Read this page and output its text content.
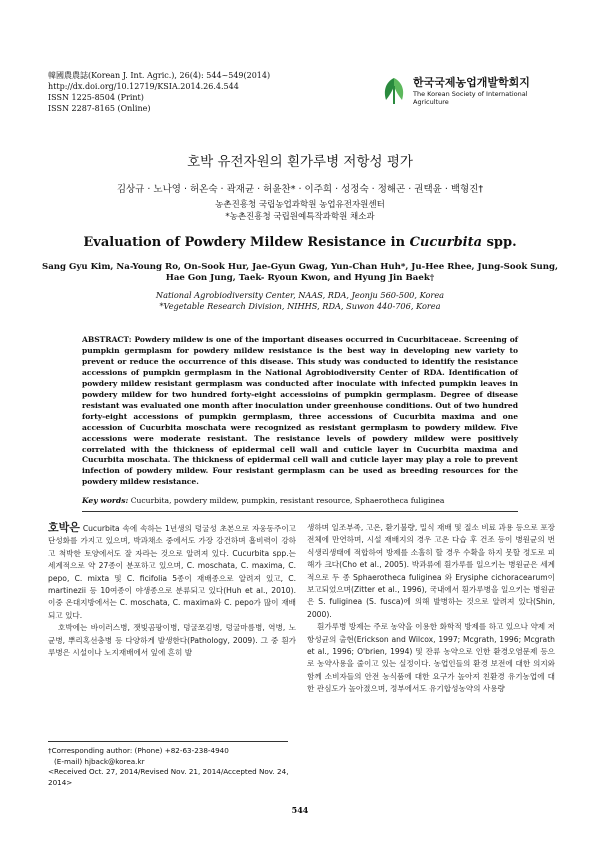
韓國農農誌(Korean J. Int. Agric.), 26(4): 544~549(2014)
http://dx.doi.org/10.12719/KSIA.2014.26.4.544
ISSN 1225-8504 (Print)
ISSN 2287-8165 (Online)
한국국제농업개발학회지
The Korean Society of International
Agriculture
호박 유전자원의 흰가루병 저항성 평가
김상규 · 노나영 · 허온숙 · 곽재균 · 허윤찬* · 이주희 · 성정숙 · 정해곤 · 권택윤 · 백형진†
농촌진흥청 국립농업과학원 농업유전자원센터
*농촌진흥청 국립원예특작과학원 채소과
Evaluation of Powdery Mildew Resistance in Cucurbita spp.
Sang Gyu Kim, Na-Young Ro, On-Sook Hur, Jae-Gyun Gwag, Yun-Chan Huh*, Ju-Hee Rhee, Jung-Sook Sung,
Hae Gon Jung, Taek- Ryoun Kwon, and Hyung Jin Baek†
National Agrobiodiversity Center, NAAS, RDA, Jeonju 560-500, Korea
*Vegetable Research Division, NIHHS, RDA, Suwon 440-706, Korea
ABSTRACT: Powdery mildew is one of the important diseases occurred in Cucurbitaceae. Screening of pumpkin germplasm for powdery mildew resistance is the best way in developing new variety to prevent or reduce the occurrence of this disease. This study was conducted to identify the resistance accessions of pumpkin germplasm in the National Agrobiodiversity Center of RDA. Identification of powdery mildew resistant germplasm was conducted after inoculate with infected pumpkin leaves in powdery mildew for two hundred forty-eight accessioins of pumpkin germplasm. Degree of disease resistant was evaluated one month after inoculation under greenhouse conditions. Out of two hundred forty-eight accessions of pumpkin germplasm, three accessions of Cucurbita maxima and one accession of Cucurbita moschata were recognized as resistant germplasm to powdery mildew. Five accessions were moderate resistant. The resistance levels of powdery mildew were positively correlated with the thickness of epidermal cell wall and cuticle layer in Cucurbita maxima and Cucurbita moschata. The thickness of epidermal cell wall and cuticle layer may play a role to prevent infection of powdery mildew. Four resistant germplasm can be used as breeding resources for the powdery mildew resistance.
Key words: Cucurbita, powdery mildew, pumpkin, resistant resource, Sphaerotheca fuliginea

호박은 Cucurbita 속에 속하는 1년생의 덩굴성 초본으로 자웅동주이고 단성화를 가지고 있으며, 박과채소 중에서도 가장 강건하며 흡비력이 강하고 척박한 토양에서도 잘 자라는 것으로 알려져 있다. Cucurbita spp.는 세계적으로 약 27종이 분포하고 있으며, C. moschata, C. maxima, C. pepo, C. mixta 및 C. ficifolia 5종이 재배종으로 알려져 있고, C. martinezii 등 10여종이 야생종으로 분류되고 있다(Huh et al., 2010). 이중 온대지방에서는 C. moschata, C. maxima와 C. pepo가 많이 재배되고 있다.

호박에는 바이러스병, 잿빛곰팡이병, 덩굴쪼김병, 덩굴마름병, 역병, 노균병, 뿌리혹선충병 등 다양하게 발생한다(Pathology, 2009). 그 중 흰가루병은 시설이나 노지재배에서 잎에 흔히 발

생하며 일조부족, 고온, 환기불량, 밀식 재배 및 질소 비료 과용 등으로 포장 전체에 만연하며, 시설 재배지의 경우 고온 다습 후 건조 등이 병원균의 번식생리생태에 적합하여 방제를 소홀히 할 경우 수확을 하지 못할 정도로 피해가 크다(Cho et al., 2005). 박과류에 흰가루를 일으키는 병원균은 세계적으로 두 종 Sphaerotheca fuliginea 와 Erysiphe cichoracearum이 보고되었으며(Zitter et al., 1996), 국내에서 흰가루병을 일으키는 병원균은 S. fuliginea (S. fusca)에 의해 발병하는 것으로 알려져 있다(Shin, 2000).

흰가루병 방제는 주로 농약을 이용한 화학적 방제를 하고 있으나 약제 저항성균의 출현(Erickson and Wilcox, 1997; Mcgrath, 1996; Mcgrath et al., 1996; O'brien, 1994) 및 잔류 농약으로 인한 환경오염문제 등으로 농약사용을 줄이고 있는 실정이다. 농업인들의 환경 보전에 대한 의지와 함께 소비자들의 안전 농식품에 대한 요구가 높아져 친환경 유기농업에 대한 관심도가 높아졌으며, 정부에서도 유기합성농약의 사용량

†Corresponding author: (Phone) +82-63-238-4940
(E-mail) hjback@korea.kr
<Received Oct. 27, 2014/Revised Nov. 21, 2014/Accepted Nov. 24, 2014>
544
